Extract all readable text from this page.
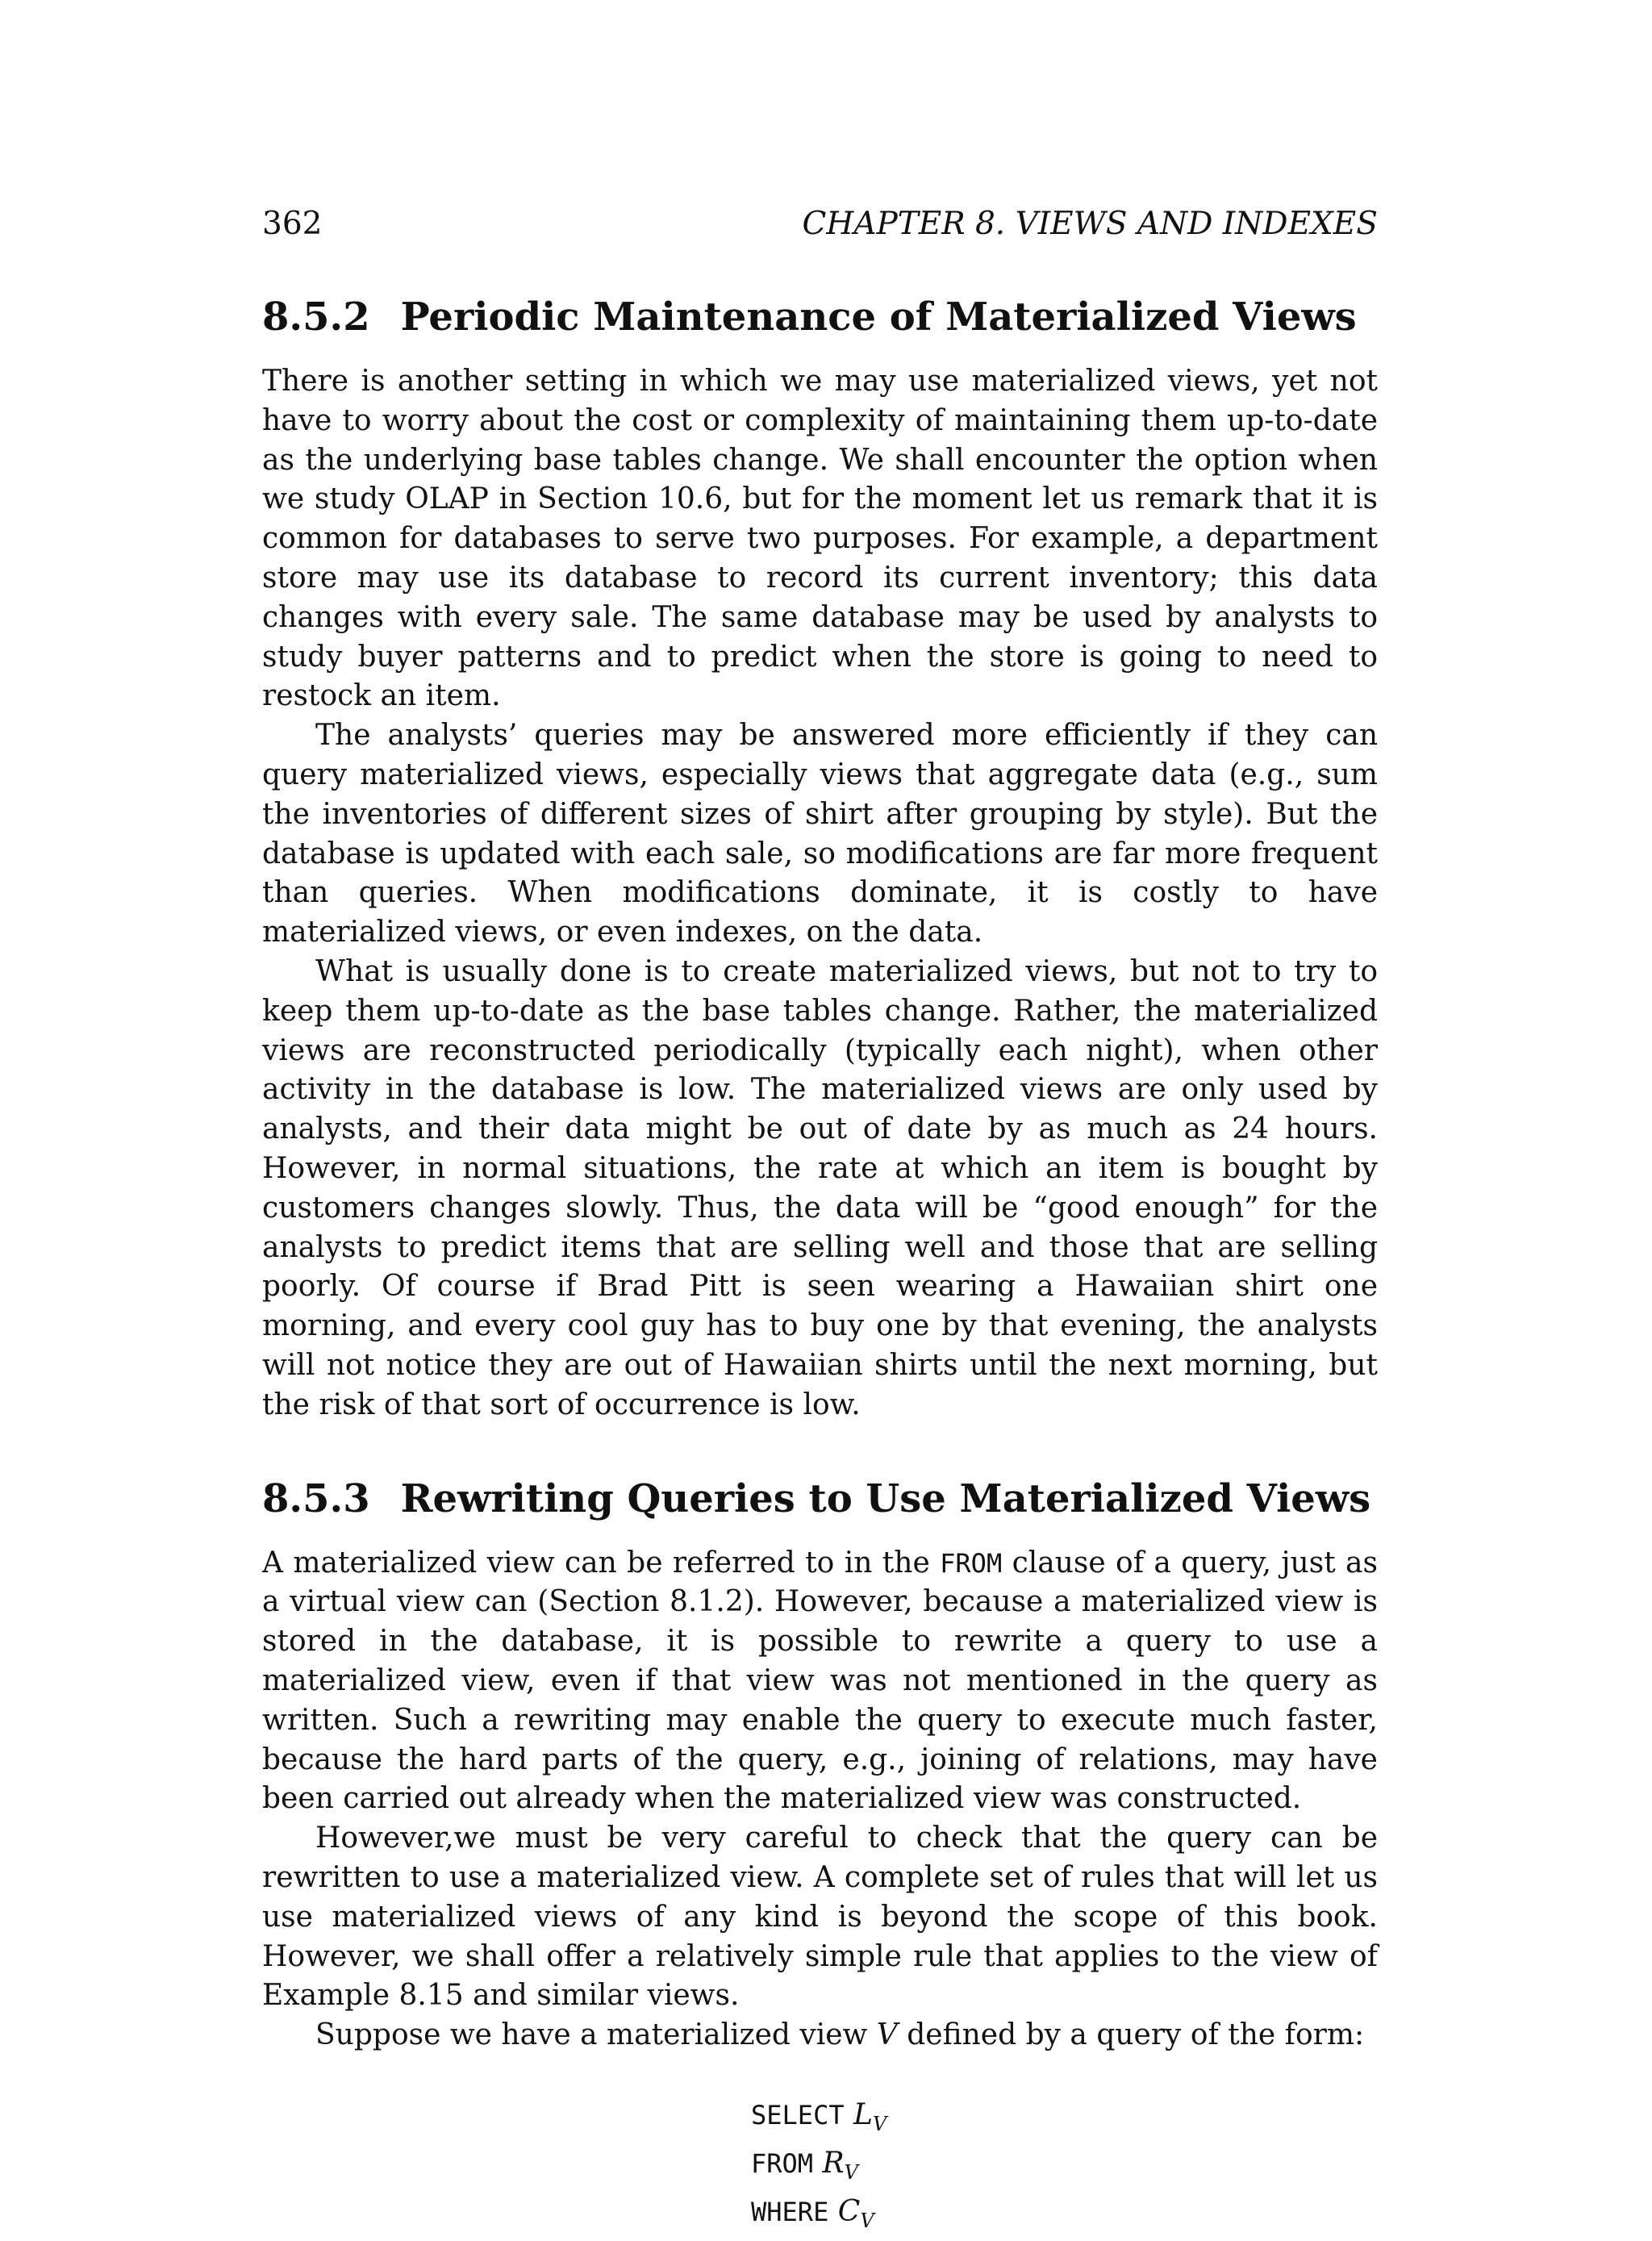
362	CHAPTER 8. VIEWS AND INDEXES
8.5.2 Periodic Maintenance of Materialized Views

There is another setting in which we may use materialized views, yet not have to worry about the cost or complexity of maintaining them up-to-date as the underlying base tables change. We shall encounter the option when we study OLAP in Section 10.6, but for the moment let us remark that it is common for databases to serve two purposes. For example, a department store may use its database to record its current inventory; this data changes with every sale. The same database may be used by analysts to study buyer patterns and to predict when the store is going to need to restock an item.

The analysts’ queries may be answered more efficiently if they can query materialized views, especially views that aggregate data (e.g., sum the inventories of different sizes of shirt after grouping by style). But the database is updated with each sale, so modifications are far more frequent than queries. When modifications dominate, it is costly to have materialized views, or even indexes, on the data.

What is usually done is to create materialized views, but not to try to keep them up-to-date as the base tables change. Rather, the materialized views are reconstructed periodically (typically each night), when other activity in the database is low. The materialized views are only used by analysts, and their data might be out of date by as much as 24 hours. However, in normal situations, the rate at which an item is bought by customers changes slowly. Thus, the data will be “good enough” for the analysts to predict items that are selling well and those that are selling poorly. Of course if Brad Pitt is seen wearing a Hawaiian shirt one morning, and every cool guy has to buy one by that evening, the analysts will not notice they are out of Hawaiian shirts until the next morning, but the risk of that sort of occurrence is low.

8.5.3 Rewriting Queries to Use Materialized Views

A materialized view can be referred to in the FROM clause of a query, just as a virtual view can (Section 8.1.2). However, because a materialized view is stored in the database, it is possible to rewrite a query to use a materialized view, even if that view was not mentioned in the query as written. Such a rewriting may enable the query to execute much faster, because the hard parts of the query, e.g., joining of relations, may have been carried out already when the materialized view was constructed.

However,we must be very careful to check that the query can be rewritten to use a materialized view. A complete set of rules that will let us use materialized views of any kind is beyond the scope of this book. However, we shall offer a relatively simple rule that applies to the view of Example 8.15 and similar views.

Suppose we have a materialized view V defined by a query of the form:

SELECT $L_V$
FROM $R_V$
WHERE $C_V$
